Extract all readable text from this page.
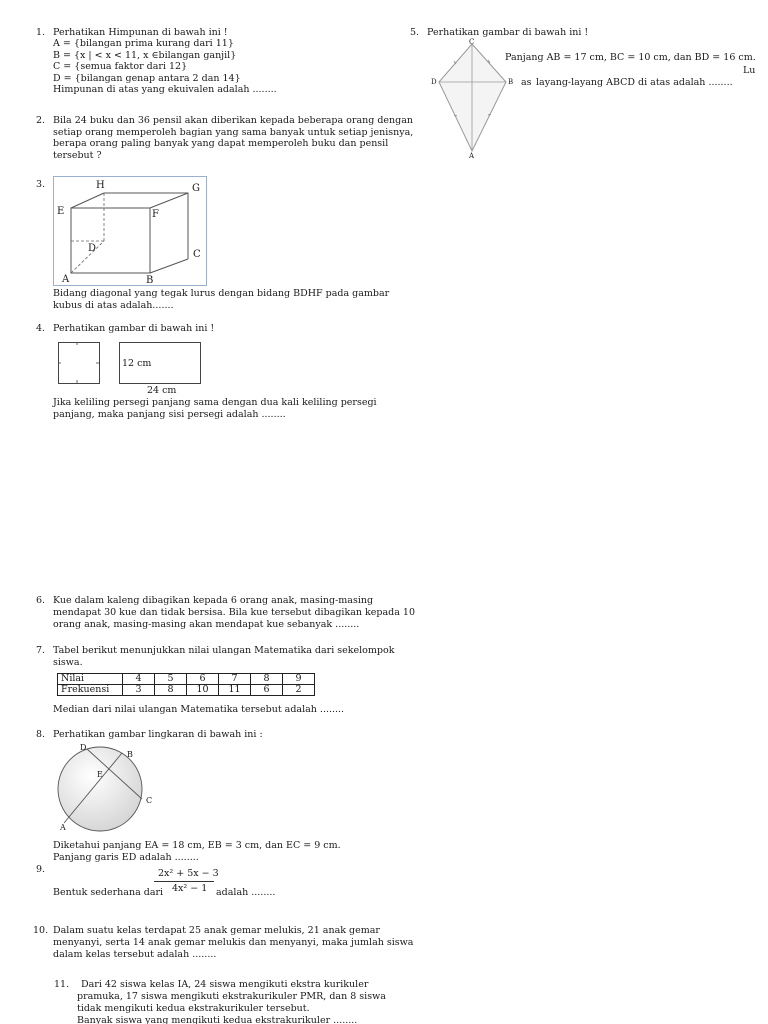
1. Perhatikan Himpunan di bawah ini !
A = {bilangan prima kurang dari 11}
B = {x | < x < 11, x ∈bilangan ganjil}
C = {semua faktor dari 12}
D = {bilangan genap antara 2 dan 14}
Himpunan di atas yang ekuivalen adalah ........
2. Bila 24 buku dan 36 pensil akan diberikan kepada beberapa orang dengan
setiap orang memperoleh bagian yang sama banyak untuk setiap jenisnya,
berapa orang paling banyak yang dapat memperoleh buku dan pensil
tersebut ?
3.	H	G
E	F
D
C
A	B
Bidang diagonal yang tegak lurus dengan bidang BDHF pada gambar
kubus di atas adalah.......
4. Perhatikan gambar di bawah ini !
12 cm
24 cm
Jika keliling persegi panjang sama dengan dua kali keliling persegi
panjang, maka panjang sisi persegi adalah ........
5. Perhatikan gambar di bawah ini !
C
D	B
A
Panjang AB = 17 cm, BC = 10 cm, dan BD = 16 cm.
Lu
as layang-layang ABCD di atas adalah ........
6. Kue dalam kaleng dibagikan kepada 6 orang anak, masing-masing
mendapat 30 kue dan tidak bersisa. Bila kue tersebut dibagikan kepada 10
orang anak, masing-masing akan mendapat kue sebanyak ........
7. Tabel berikut menunjukkan nilai ulangan Matematika dari sekelompok
siswa.
Nilai	4	5	6	7	8	9
Frekuensi	3	8	10	11	6	2
Median dari nilai ulangan Matematika tersebut adalah ........
8. Perhatikan gambar lingkaran di bawah ini :
D
B
E
C
A
Diketahui panjang EA = 18 cm, EB = 3 cm, dan EC = 9 cm.
Panjang garis ED adalah ........
9.	2x² + 5x − 3
4x² − 1
Bentuk sederhana dari	adalah ........
10. Dalam suatu kelas terdapat 25 anak gemar melukis, 21 anak gemar
menyanyi, serta 14 anak gemar melukis dan menyanyi, maka jumlah siswa
dalam kelas tersebut adalah ........
11. Dari 42 siswa kelas IA, 24 siswa mengikuti ekstra kurikuler
pramuka, 17 siswa mengikuti ekstrakurikuler PMR, dan 8 siswa
tidak mengikuti kedua ekstrakurikuler tersebut.
Banyak siswa yang mengikuti kedua ekstrakurikuler ........
